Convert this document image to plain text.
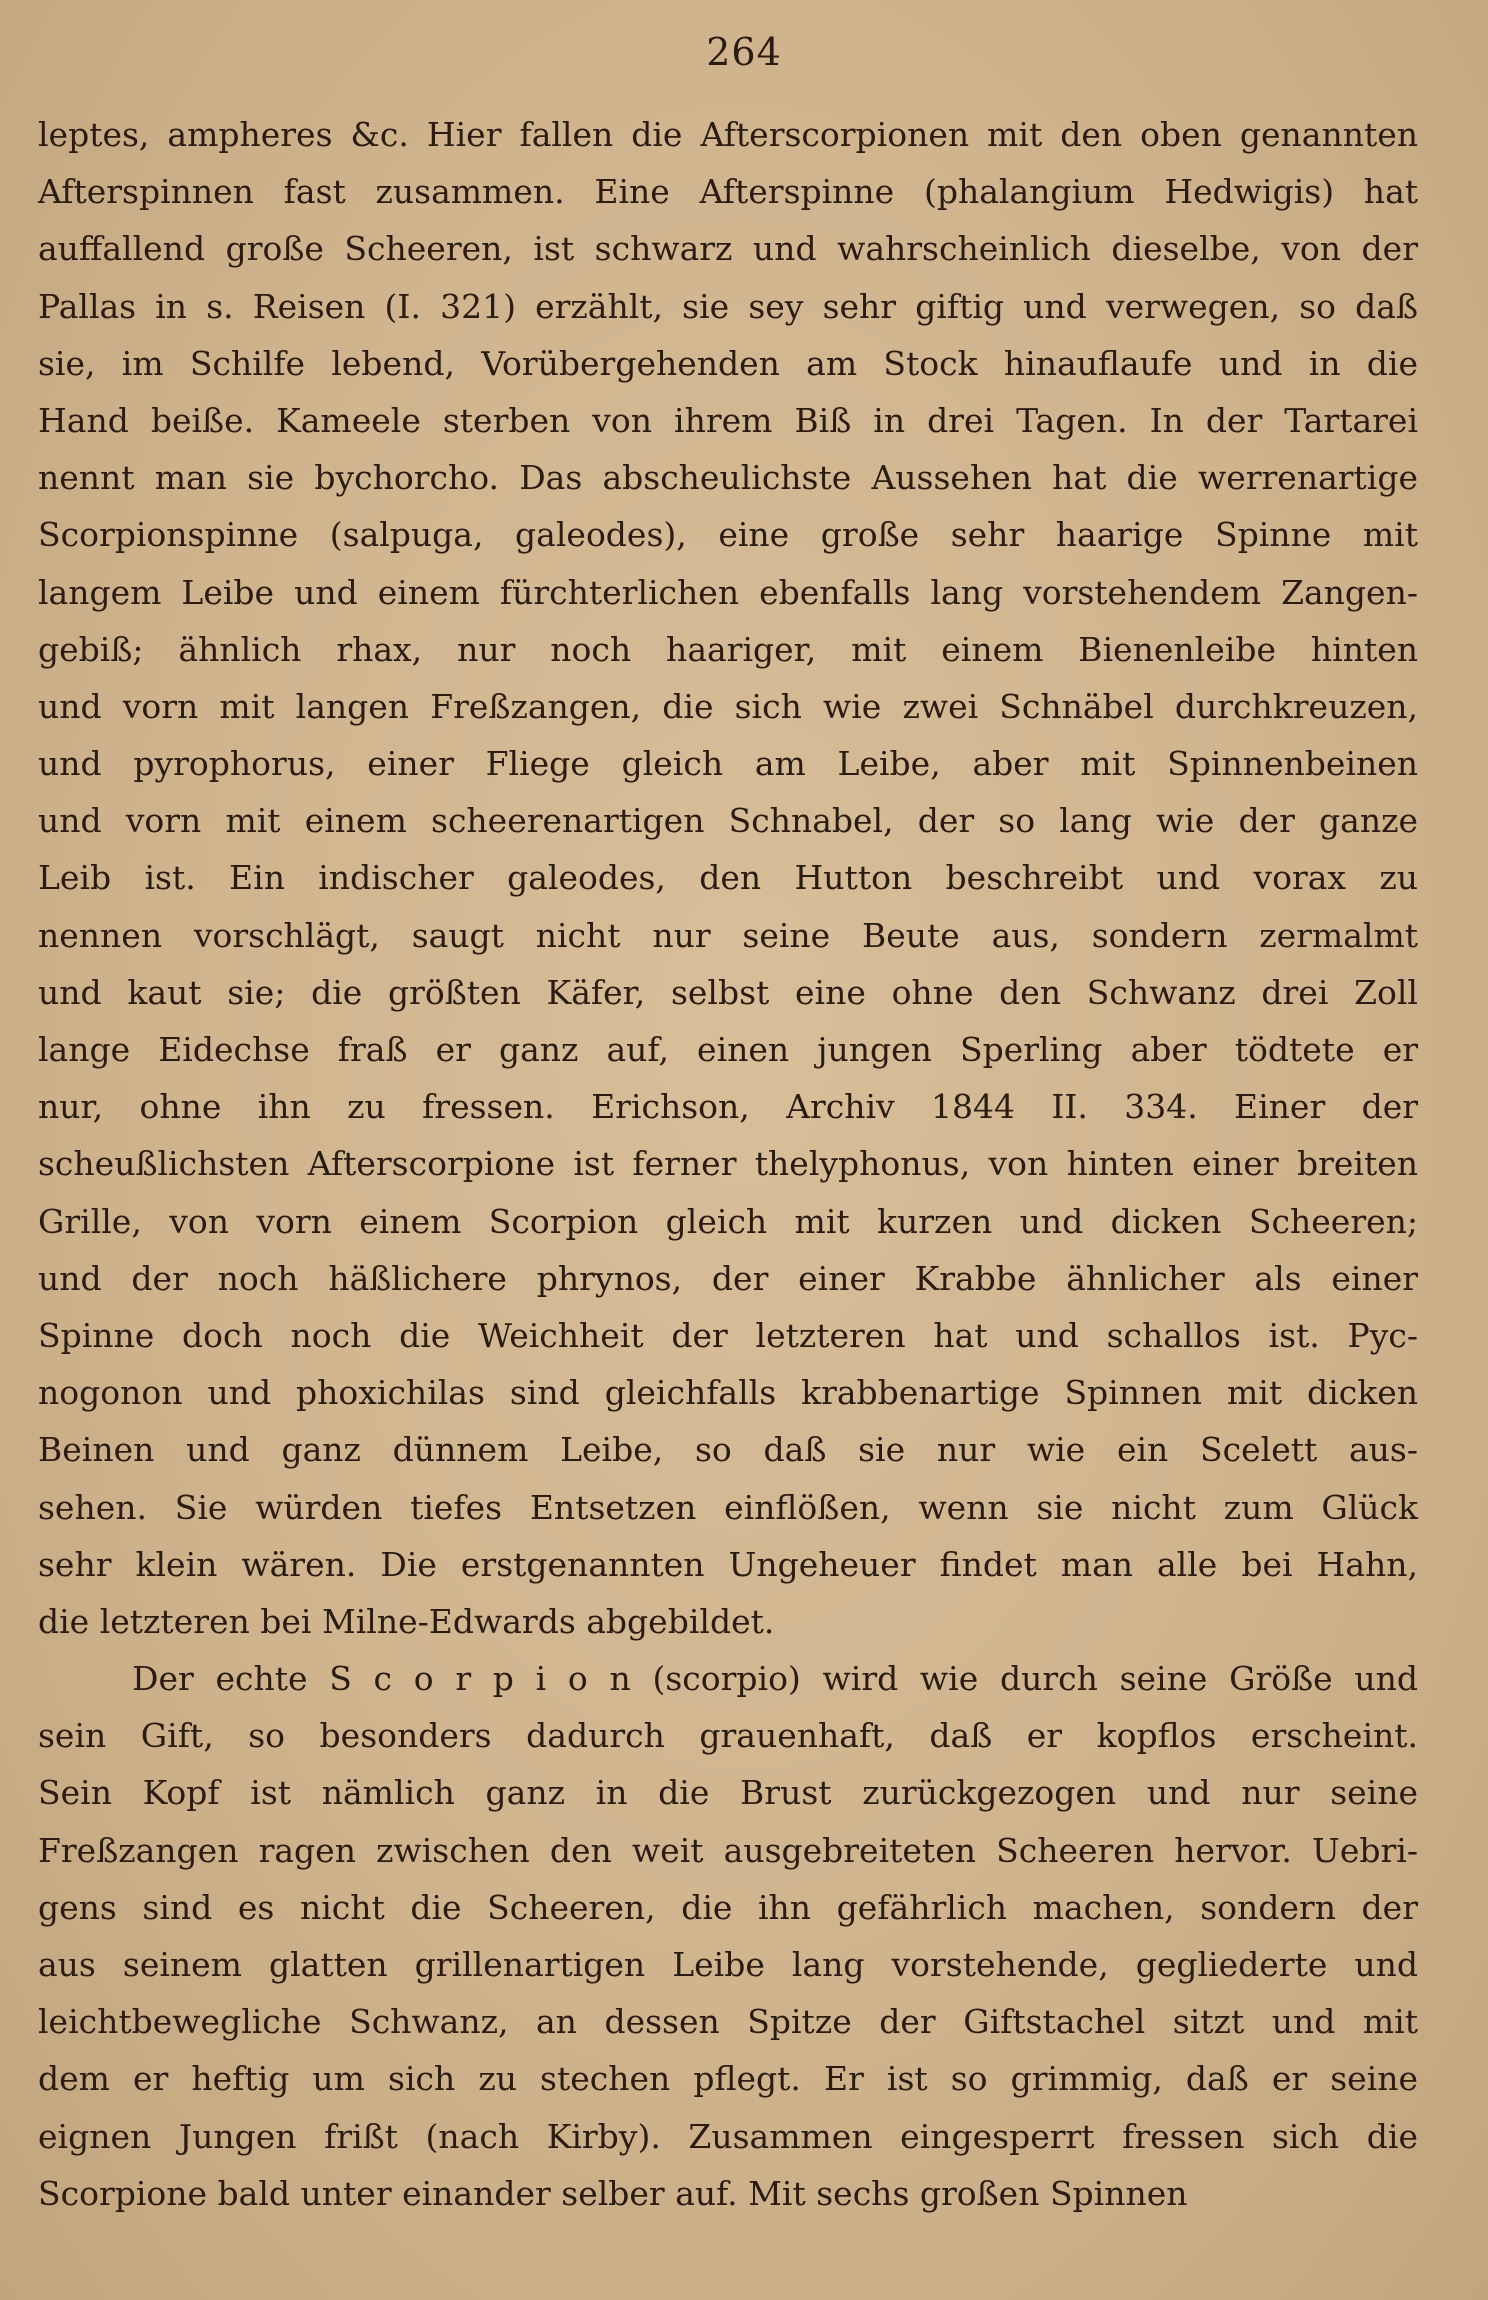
264
leptes, ampheres &c. Hier fallen die Afterscorpionen mit den oben genannten
Afterspinnen fast zusammen. Eine Afterspinne (phalangium Hedwigis) hat
auffallend große Scheeren, ist schwarz und wahrscheinlich dieselbe, von der
Pallas in s. Reisen (I. 321) erzählt, sie sey sehr giftig und verwegen, so daß
sie, im Schilfe lebend, Vorübergehenden am Stock hinauflaufe und in die
Hand beiße. Kameele sterben von ihrem Biß in drei Tagen. In der Tartarei
nennt man sie bychorcho. Das abscheulichste Aussehen hat die werrenartige
Scorpionspinne (salpuga, galeodes), eine große sehr haarige Spinne mit
langem Leibe und einem fürchterlichen ebenfalls lang vorstehendem Zangen-
gebiß; ähnlich rhax, nur noch haariger, mit einem Bienenleibe hinten
und vorn mit langen Freßzangen, die sich wie zwei Schnäbel durchkreuzen,
und pyrophorus, einer Fliege gleich am Leibe, aber mit Spinnenbeinen
und vorn mit einem scheerenartigen Schnabel, der so lang wie der ganze
Leib ist. Ein indischer galeodes, den Hutton beschreibt und vorax zu
nennen vorschlägt, saugt nicht nur seine Beute aus, sondern zermalmt
und kaut sie; die größten Käfer, selbst eine ohne den Schwanz drei Zoll
lange Eidechse fraß er ganz auf, einen jungen Sperling aber tödtete er
nur, ohne ihn zu fressen. Erichson, Archiv 1844 II. 334. Einer der
scheußlichsten Afterscorpione ist ferner thelyphonus, von hinten einer breiten
Grille, von vorn einem Scorpion gleich mit kurzen und dicken Scheeren;
und der noch häßlichere phrynos, der einer Krabbe ähnlicher als einer
Spinne doch noch die Weichheit der letzteren hat und schallos ist. Pyc-
nogonon und phoxichilas sind gleichfalls krabbenartige Spinnen mit dicken
Beinen und ganz dünnem Leibe, so daß sie nur wie ein Scelett aus-
sehen. Sie würden tiefes Entsetzen einflößen, wenn sie nicht zum Glück
sehr klein wären. Die erstgenannten Ungeheuer findet man alle bei Hahn,
die letzteren bei Milne-Edwards abgebildet.
Der echte S c o r p i o n (scorpio) wird wie durch seine Größe und
sein Gift, so besonders dadurch grauenhaft, daß er kopflos erscheint.
Sein Kopf ist nämlich ganz in die Brust zurückgezogen und nur seine
Freßzangen ragen zwischen den weit ausgebreiteten Scheeren hervor. Uebri-
gens sind es nicht die Scheeren, die ihn gefährlich machen, sondern der
aus seinem glatten grillenartigen Leibe lang vorstehende, gegliederte und
leichtbewegliche Schwanz, an dessen Spitze der Giftstachel sitzt und mit
dem er heftig um sich zu stechen pflegt. Er ist so grimmig, daß er seine
eignen Jungen frißt (nach Kirby). Zusammen eingesperrt fressen sich die
Scorpione bald unter einander selber auf. Mit sechs großen Spinnen
